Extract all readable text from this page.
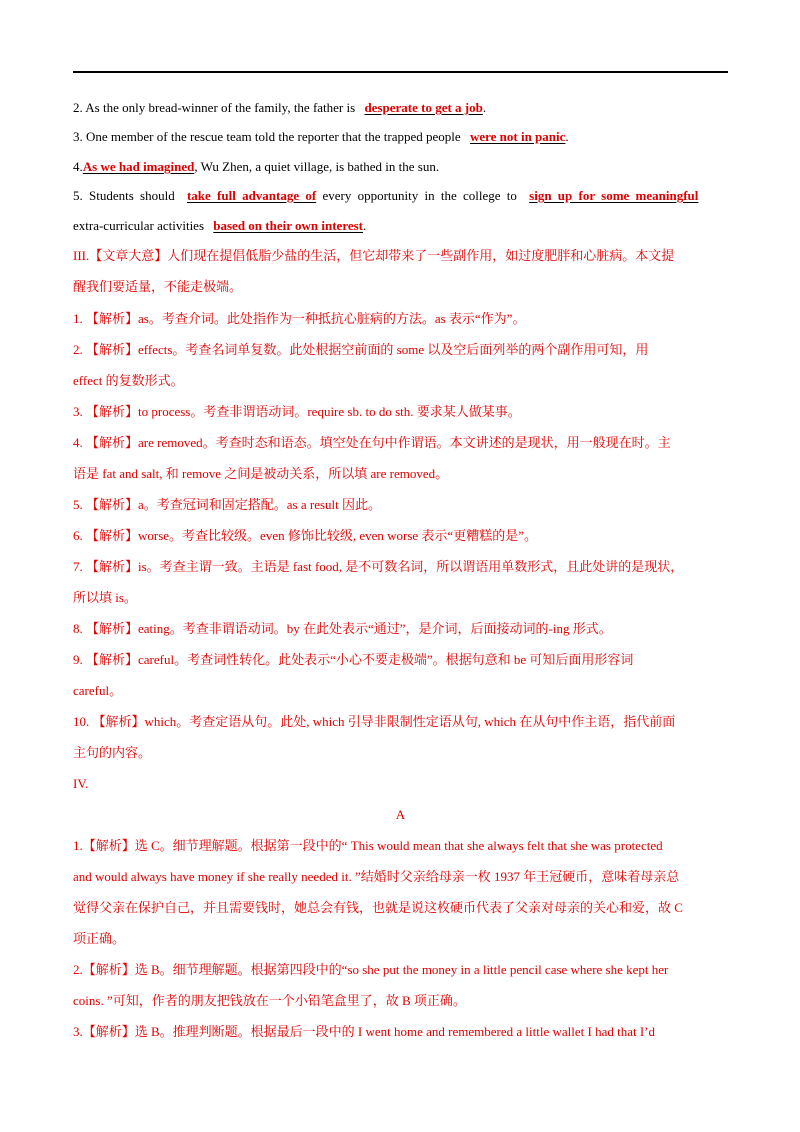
2. As the only bread-winner of the family, the father is desperate to get a job.
3. One member of the rescue team told the reporter that the trapped people were not in panic.
4.As we had imagined, Wu Zhen, a quiet village, is bathed in the sun.
5. Students should take full advantage of every opportunity in the college to sign up for some meaningful
extra-curricular activities based on their own interest.
III.【文章大意】人们现在提倡低脂少盐的生活，但它却带来了一些副作用，如过度肥胖和心脏病。本文提
醒我们要适量，不能走极端。
1. 【解析】as。考查介词。此处指作为一种抵抗心脏病的方法。as 表示“作为”。
2. 【解析】effects。考查名词单复数。此处根据空前面的 some 以及空后面列举的两个副作用可知，用
effect 的复数形式。
3. 【解析】to process。考查非谓语动词。require sb. to do sth. 要求某人做某事。
4. 【解析】are removed。考查时态和语态。填空处在句中作谓语。本文讲述的是现状，用一般现在时。主
语是 fat and salt, 和 remove 之间是被动关系，所以填 are removed。
5. 【解析】a。考查冠词和固定搭配。as a result 因此。
6. 【解析】worse。考查比较级。even 修饰比较级, even worse 表示“更糟糕的是”。
7. 【解析】is。考查主谓一致。主语是 fast food, 是不可数名词，所以谓语用单数形式，且此处讲的是现状，
所以填 is。
8. 【解析】eating。考查非谓语动词。by 在此处表示“通过”，是介词，后面接动词的-ing 形式。
9. 【解析】careful。考查词性转化。此处表示“小心不要走极端”。根据句意和 be 可知后面用形容词
careful。
10. 【解析】which。考查定语从句。此处, which 引导非限制性定语从句, which 在从句中作主语，指代前面
主句的内容。
IV.
A
1.【解析】选 C。细节理解题。根据第一段中的“ This would mean that she always felt that she was protected
and would always have money if she really needed it. ”结婚时父亲给母亲一枚 1937 年王冠硬币，意味着母亲总
觉得父亲在保护自己，并且需要钱时，她总会有钱，也就是说这枚硬币代表了父亲对母亲的关心和爱，故 C
项正确。
2.【解析】选 B。细节理解题。根据第四段中的“so she put the money in a little pencil case where she kept her
coins. ”可知，作者的朋友把钱放在一个小铅笔盒里了，故 B 项正确。
3.【解析】选 B。推理判断题。根据最后一段中的 I went home and remembered a little wallet I had that I’d
